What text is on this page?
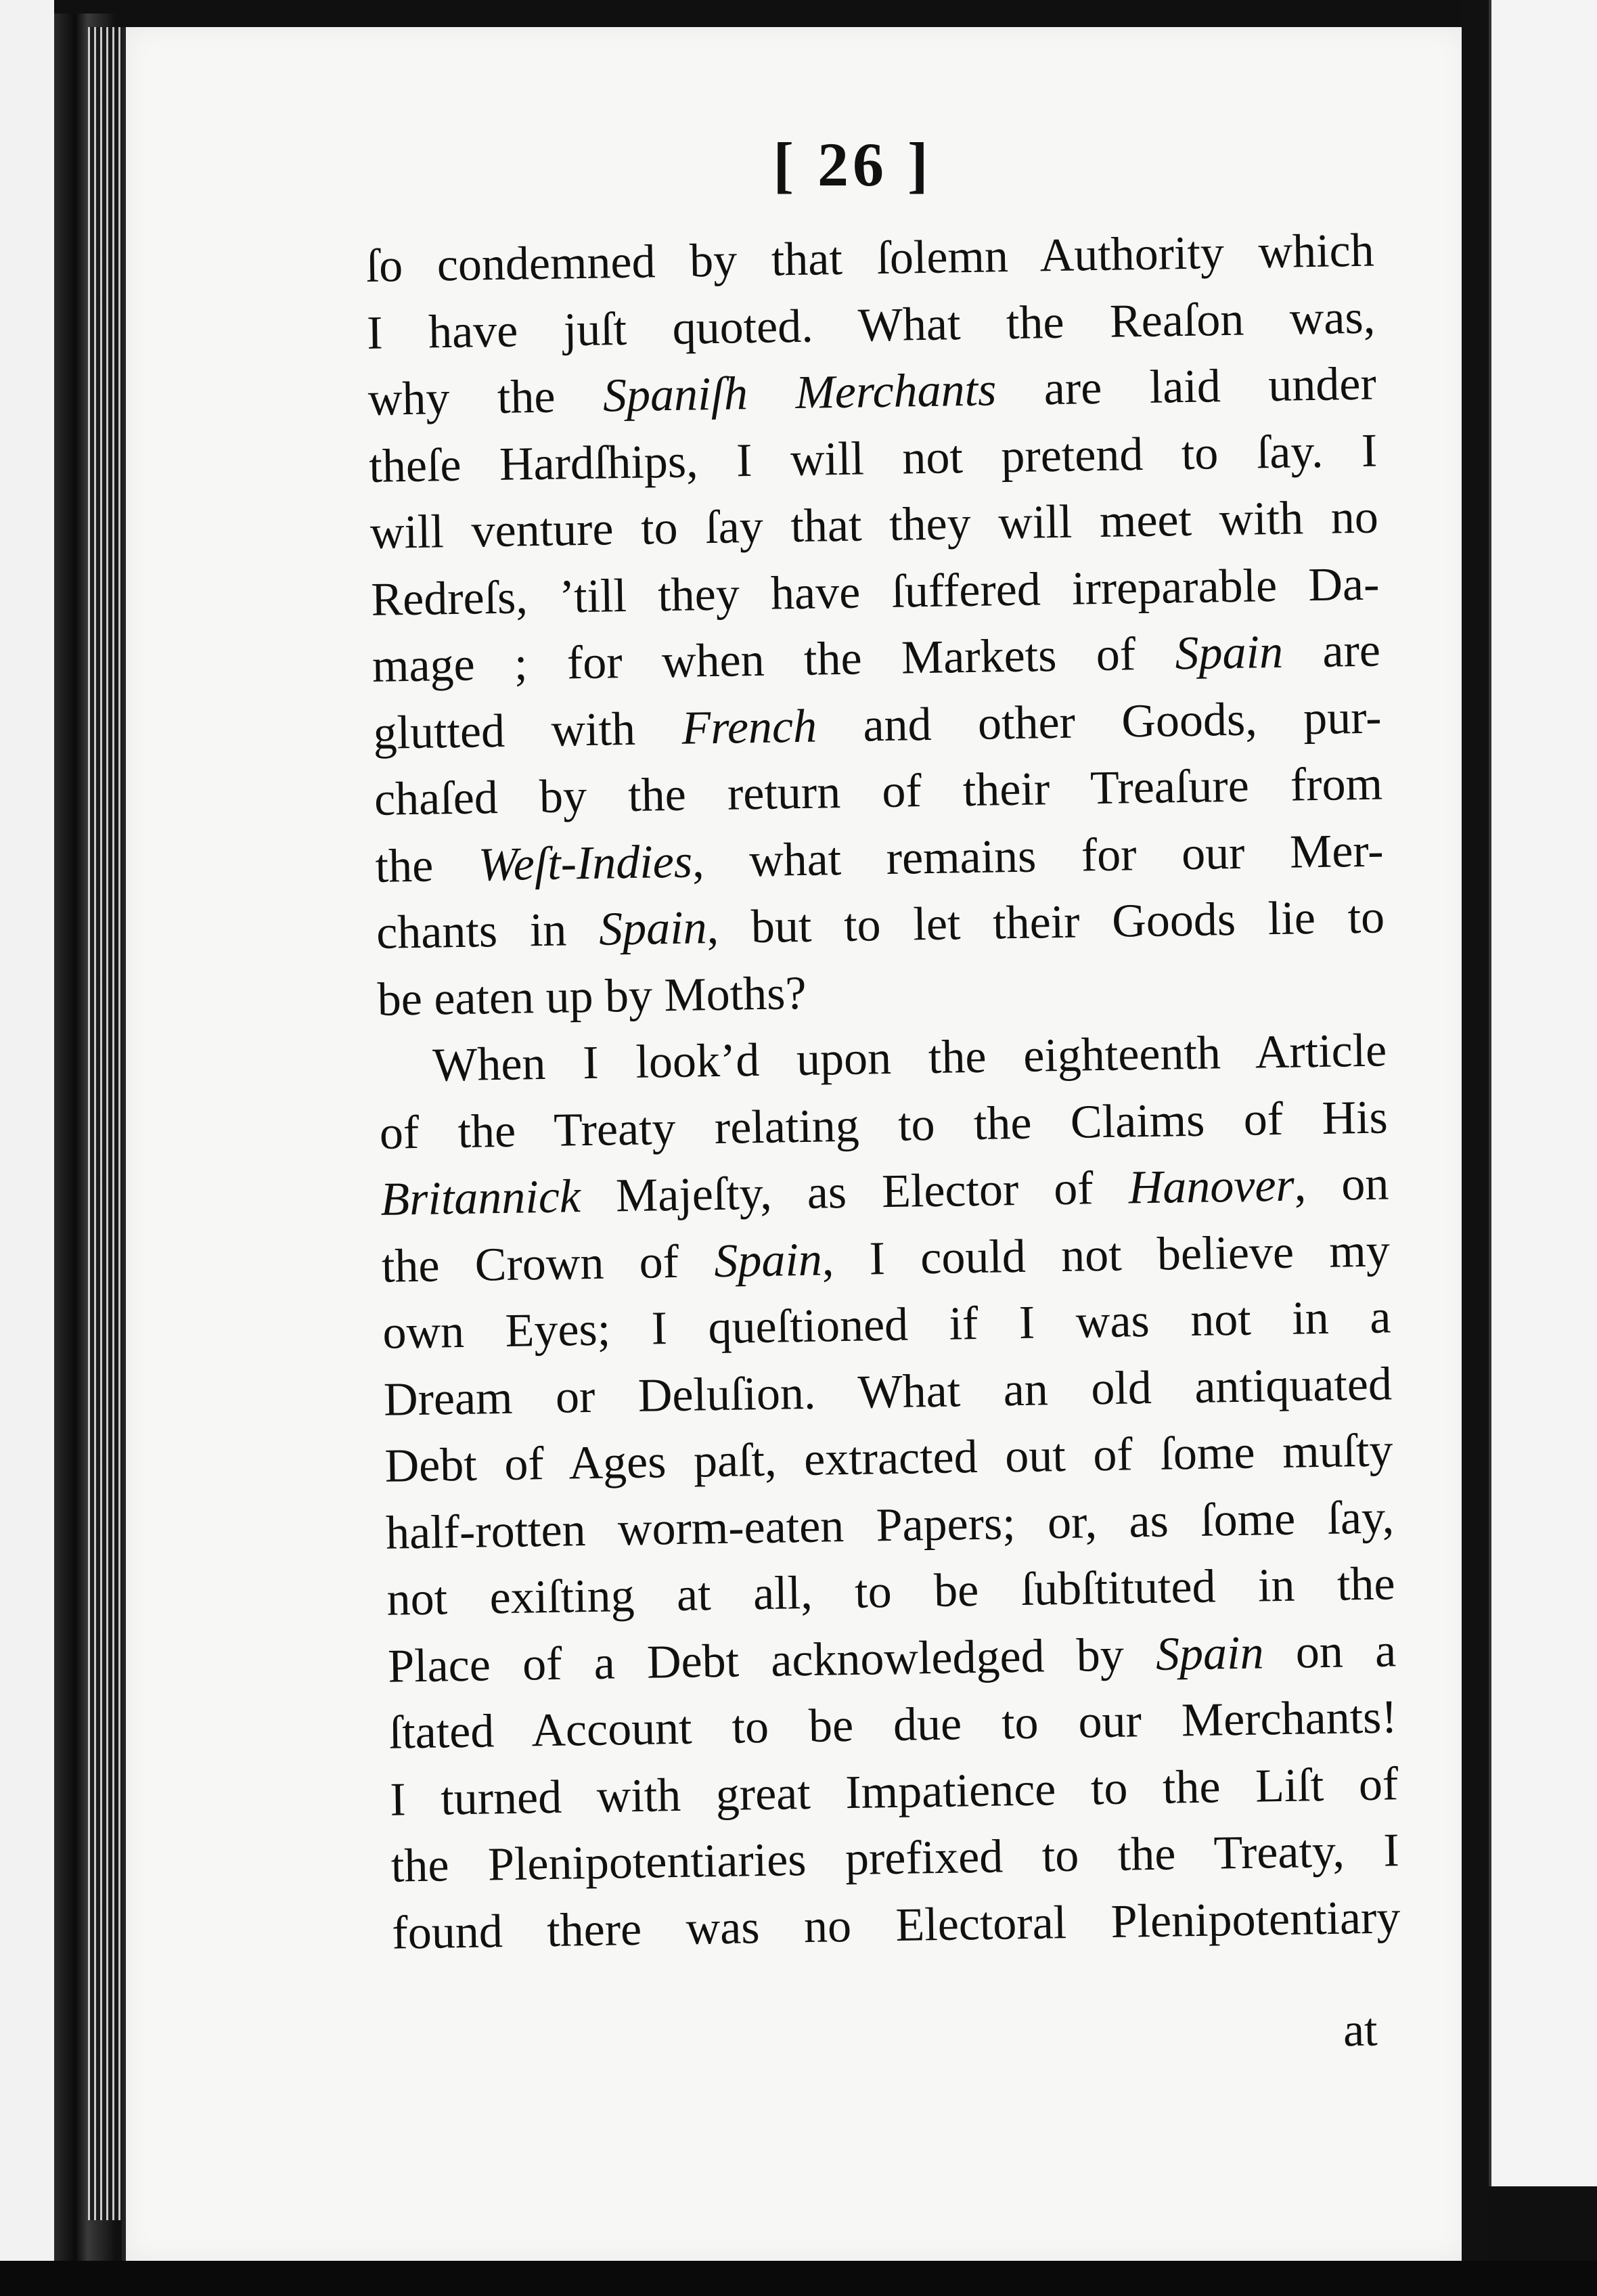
[ 26 ]
ſo condemned by that ſolemn Authority which
I have juſt quoted. What the Reaſon was,
why the Spaniſh Merchants are laid under
theſe Hardſhips, I will not pretend to ſay. I
will venture to ſay that they will meet with no
Redreſs, ’till they have ſuffered irreparable Da-
mage ; for when the Markets of Spain are
glutted with French and other Goods, pur-
chaſed by the return of their Treaſure from
the Weſt-Indies, what remains for our Mer-
chants in Spain, but to let their Goods lie to
be eaten up by Moths?
When I look’d upon the eighteenth Article
of the Treaty relating to the Claims of His
Britannick Majeſty, as Elector of Hanover, on
the Crown of Spain, I could not believe my
own Eyes; I queſtioned if I was not in a
Dream or Deluſion. What an old antiquated
Debt of Ages paſt, extracted out of ſome muſty
half-rotten worm-eaten Papers; or, as ſome ſay,
not exiſting at all, to be ſubſtituted in the
Place of a Debt acknowledged by Spain on a
ſtated Account to be due to our Merchants!
I turned with great Impatience to the Liſt of
the Plenipotentiaries prefixed to the Treaty, I
found there was no Electoral Plenipotentiary
at
